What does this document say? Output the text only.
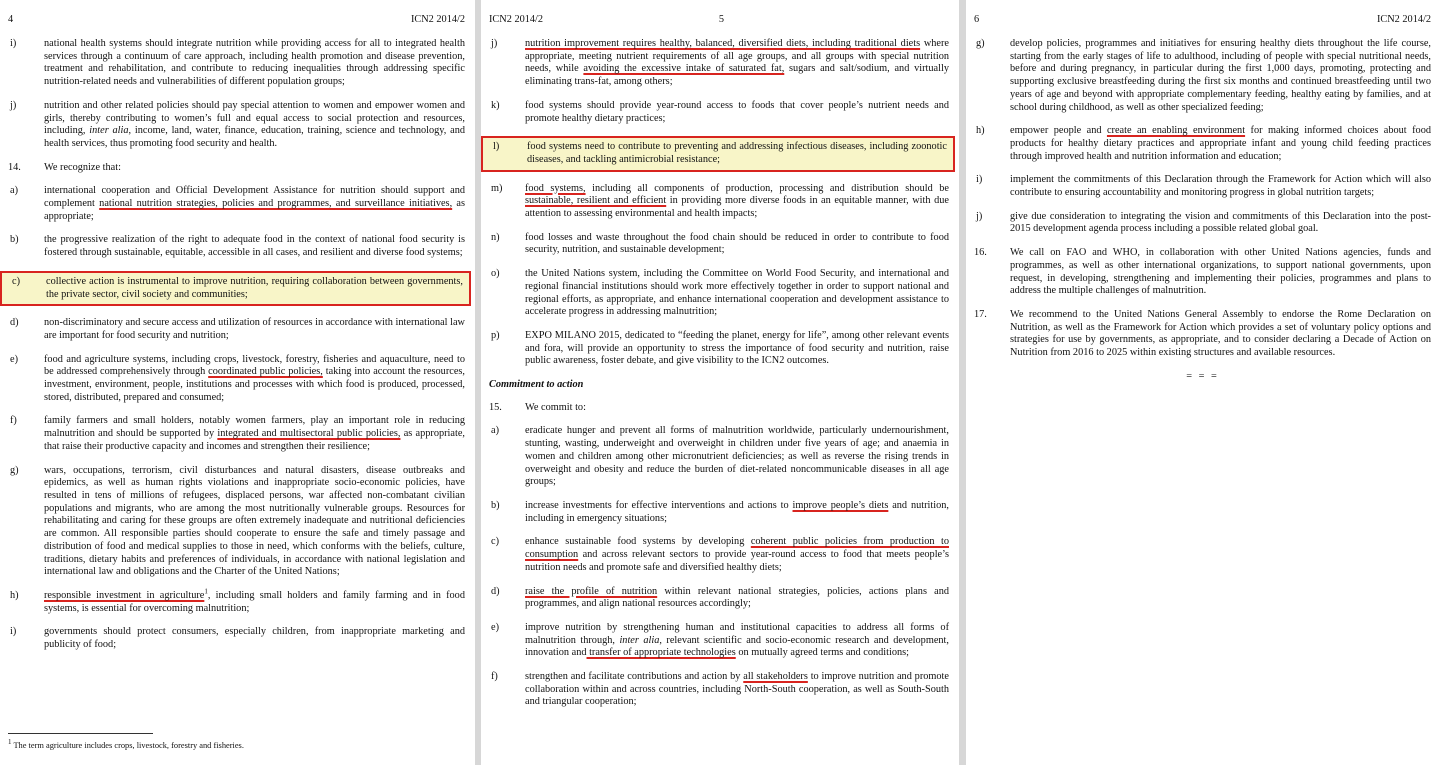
4	ICN2 2014/2
i)	national health systems should integrate nutrition while providing access for all to integrated health services through a continuum of care approach, including health promotion and disease prevention, treatment and rehabilitation, and contribute to reducing inequalities through addressing specific nutrition-related needs and vulnerabilities of different population groups;
j)	nutrition and other related policies should pay special attention to women and empower women and girls, thereby contributing to women’s full and equal access to social protection and resources, including, inter alia, income, land, water, finance, education, training, science and technology, and health services, thus promoting food security and health.
14. We recognize that:
a)	international cooperation and Official Development Assistance for nutrition should support and complement national nutrition strategies, policies and programmes, and surveillance initiatives, as appropriate;
b) the progressive realization of the right to adequate food in the context of national food security is fostered through sustainable, equitable, accessible in all cases, and resilient and diverse food systems;
c)	collective action is instrumental to improve nutrition, requiring collaboration between governments, the private sector, civil society and communities;
d) non-discriminatory and secure access and utilization of resources in accordance with international law are important for food security and nutrition;
e)	food and agriculture systems, including crops, livestock, forestry, fisheries and aquaculture, need to be addressed comprehensively through coordinated public policies, taking into account the resources, investment, environment, people, institutions and processes with which food is produced, processed, stored, distributed, prepared and consumed;
f)	family farmers and small holders, notably women farmers, play an important role in reducing malnutrition and should be supported by integrated and multisectoral public policies, as appropriate, that raise their productive capacity and incomes and strengthen their resilience;
g) wars, occupations, terrorism, civil disturbances and natural disasters, disease outbreaks and epidemics, as well as human rights violations and inappropriate socio-economic policies, have resulted in tens of millions of refugees, displaced persons, war affected non-combatant civilian populations and migrants, who are among the most nutritionally vulnerable groups. Resources for rehabilitating and caring for these groups are often extremely inadequate and nutritional deficiencies are common. All responsible parties should cooperate to ensure the safe and timely passage and distribution of food and medical supplies to those in need, which conforms with the beliefs, culture, traditions, dietary habits and preferences of individuals, in accordance with national legislation and international law and obligations and the Charter of the United Nations;
h) responsible investment in agriculture$^1$, including small holders and family farming and in food systems, is essential for overcoming malnutrition;
i)	governments should protect consumers, especially children, from inappropriate marketing and publicity of food;
$^1$ The term agriculture includes crops, livestock, forestry and fisheries.
ICN2 2014/2	5
j)	nutrition improvement requires healthy, balanced, diversified diets, including traditional diets where appropriate, meeting nutrient requirements of all age groups, and all groups with special nutrition needs, while avoiding the excessive intake of saturated fat, sugars and salt/sodium, and virtually eliminating trans-fat, among others;
k) food systems should provide year-round access to foods that cover people’s nutrient needs and promote healthy dietary practices;
l)	food systems need to contribute to preventing and addressing infectious diseases, including zoonotic diseases, and tackling antimicrobial resistance;
m) food systems, including all components of production, processing and distribution should be sustainable, resilient and efficient in providing more diverse foods in an equitable manner, with due attention to assessing environmental and health impacts;
n) food losses and waste throughout the food chain should be reduced in order to contribute to food security, nutrition, and sustainable development;
o) the United Nations system, including the Committee on World Food Security, and international and regional financial institutions should work more effectively together in order to support national and regional efforts, as appropriate, and enhance international cooperation and development assistance to accelerate progress in addressing malnutrition;
p) EXPO MILANO 2015, dedicated to “feeding the planet, energy for life”, among other relevant events and fora, will provide an opportunity to stress the importance of food security and nutrition, raise public awareness, foster debate, and give visibility to the ICN2 outcomes.
Commitment to action
15. We commit to:
a)	eradicate hunger and prevent all forms of malnutrition worldwide, particularly undernourishment, stunting, wasting, underweight and overweight in children under five years of age; and anaemia in women and children among other micronutrient deficiencies; as well as reverse the rising trends in overweight and obesity and reduce the burden of diet-related noncommunicable diseases in all age groups;
b) increase investments for effective interventions and actions to improve people’s diets and nutrition, including in emergency situations;
c)	enhance sustainable food systems by developing coherent public policies from production to consumption and across relevant sectors to provide year-round access to food that meets people’s nutrition needs and promote safe and diversified healthy diets;
d) raise the profile of nutrition within relevant national strategies, policies, actions plans and programmes, and align national resources accordingly;
e)	improve nutrition by strengthening human and institutional capacities to address all forms of malnutrition through, inter alia, relevant scientific and socio-economic research and development, innovation and transfer of appropriate technologies on mutually agreed terms and conditions;
f)	strengthen and facilitate contributions and action by all stakeholders to improve nutrition and promote collaboration within and across countries, including North-South cooperation, as well as South-South and triangular cooperation;
6	ICN2 2014/2
g) develop policies, programmes and initiatives for ensuring healthy diets throughout the life course, starting from the early stages of life to adulthood, including of people with special nutritional needs, before and during pregnancy, in particular during the first 1,000 days, promoting, protecting and supporting exclusive breastfeeding during the first six months and continued breastfeeding until two years of age and beyond with appropriate complementary feeding, healthy eating by families, and at school during childhood, as well as other specialized feeding;
h) empower people and create an enabling environment for making informed choices about food products for healthy dietary practices and appropriate infant and young child feeding practices through improved health and nutrition information and education;
i)	implement the commitments of this Declaration through the Framework for Action which will also contribute to ensuring accountability and monitoring progress in global nutrition targets;
j)	give due consideration to integrating the vision and commitments of this Declaration into the post-2015 development agenda process including a possible related global goal.
16. We call on FAO and WHO, in collaboration with other United Nations agencies, funds and programmes, as well as other international organizations, to support national governments, upon request, in developing, strengthening and implementing their policies, programmes and plans to address the multiple challenges of malnutrition.
17. We recommend to the United Nations General Assembly to endorse the Rome Declaration on Nutrition, as well as the Framework for Action which provides a set of voluntary policy options and strategies for use by governments, as appropriate, and to consider declaring a Decade of Action on Nutrition from 2016 to 2025 within existing structures and available resources.
= = =
